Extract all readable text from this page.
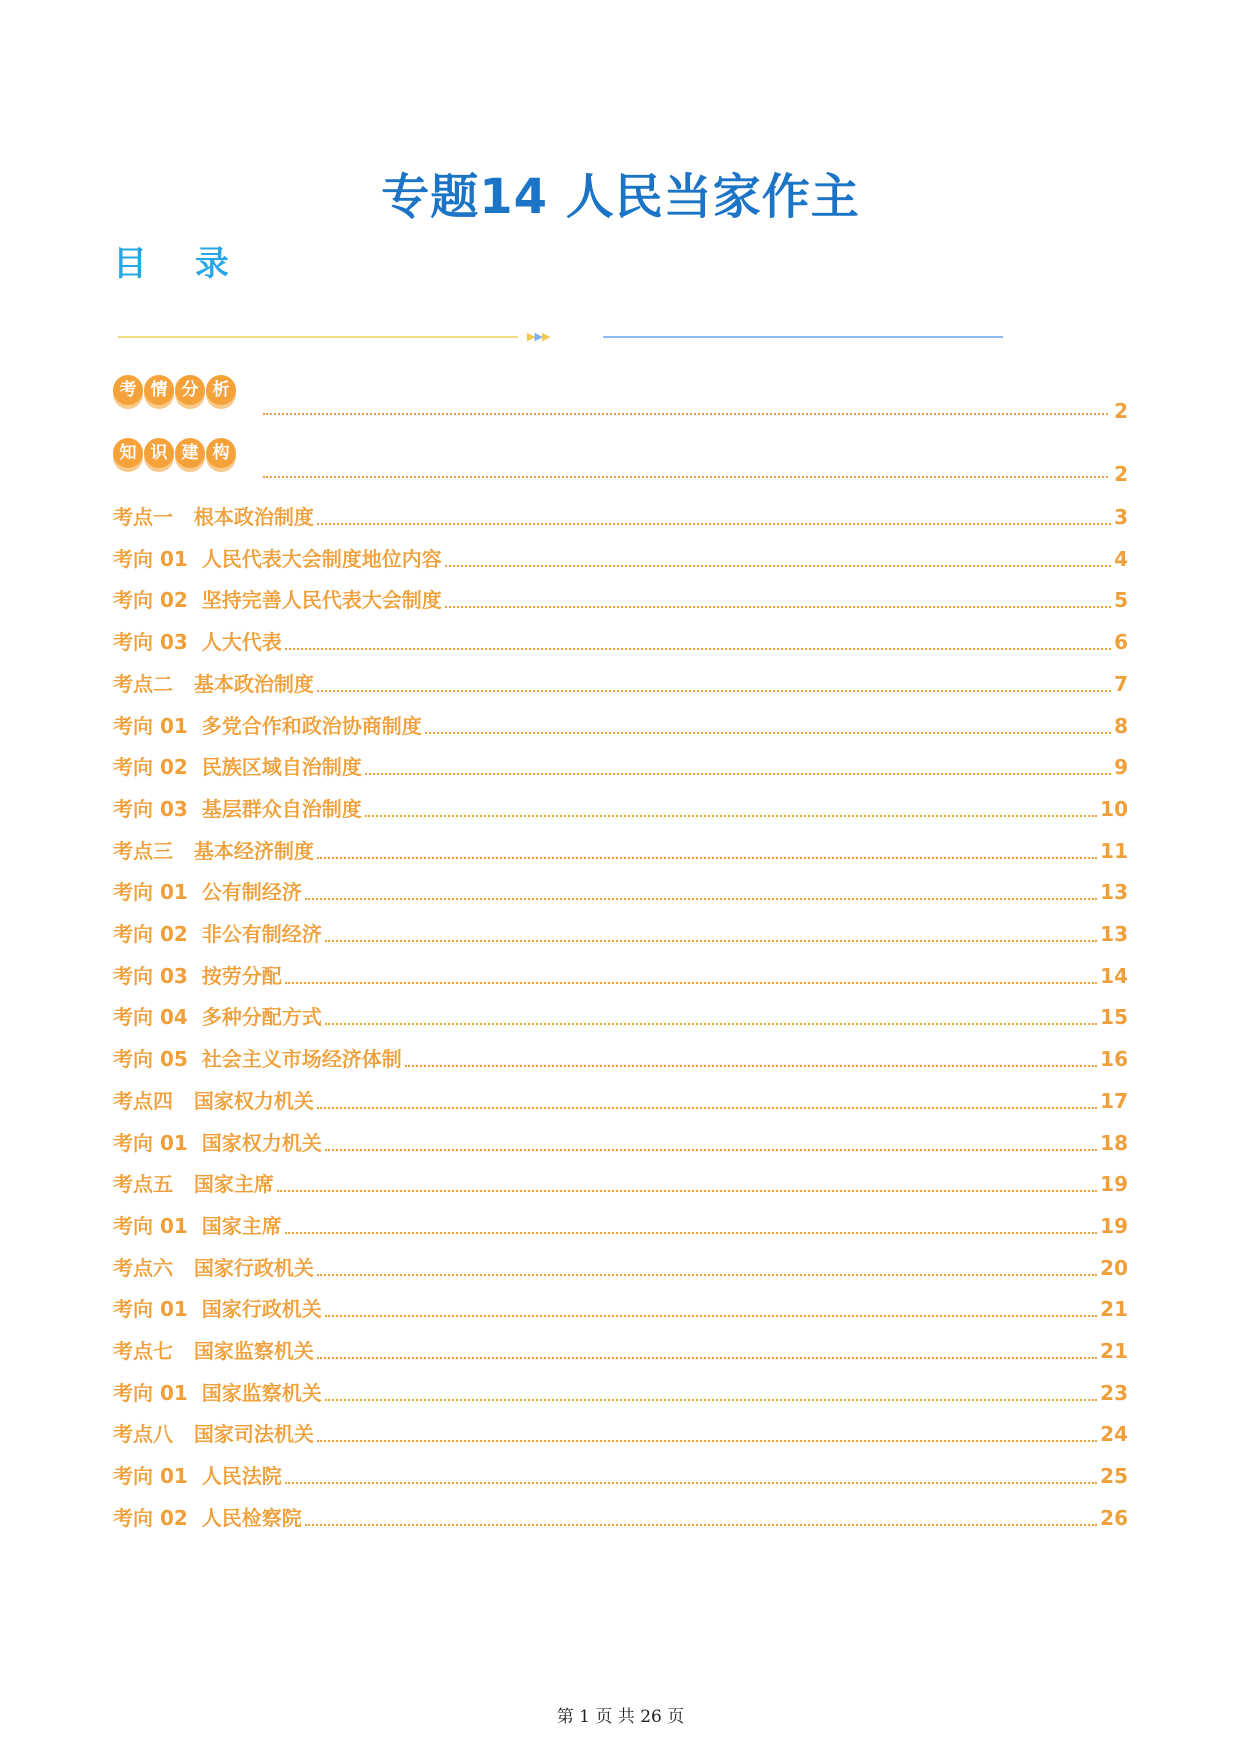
专题14 人民当家作主
目 录
▶▶▶
考 情 分 析
2
知 识 建 构
2
考点一   根本政治制度	3
考向 01  人民代表大会制度地位内容	4
考向 02  坚持完善人民代表大会制度	5
考向 03  人大代表	6
考点二   基本政治制度	7
考向 01  多党合作和政治协商制度	8
考向 02  民族区域自治制度	9
考向 03  基层群众自治制度	10
考点三   基本经济制度	11
考向 01  公有制经济	13
考向 02  非公有制经济	13
考向 03  按劳分配	14
考向 04  多种分配方式	15
考向 05  社会主义市场经济体制	16
考点四   国家权力机关	17
考向 01  国家权力机关	18
考点五   国家主席	19
考向 01  国家主席	19
考点六   国家行政机关	20
考向 01  国家行政机关	21
考点七   国家监察机关	21
考向 01  国家监察机关	23
考点八   国家司法机关	24
考向 01  人民法院	25
考向 02  人民检察院	26
第 1 页 共 26 页
